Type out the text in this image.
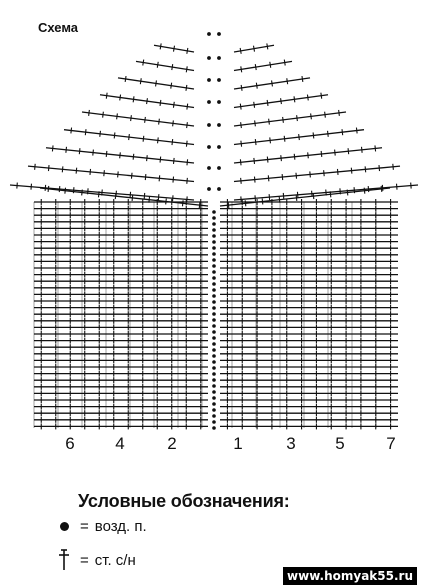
Схема
6 4	2	1	3 5 7
Условные обозначения:
= возд. п.
= ст. с/н
www.homyak55.ru
